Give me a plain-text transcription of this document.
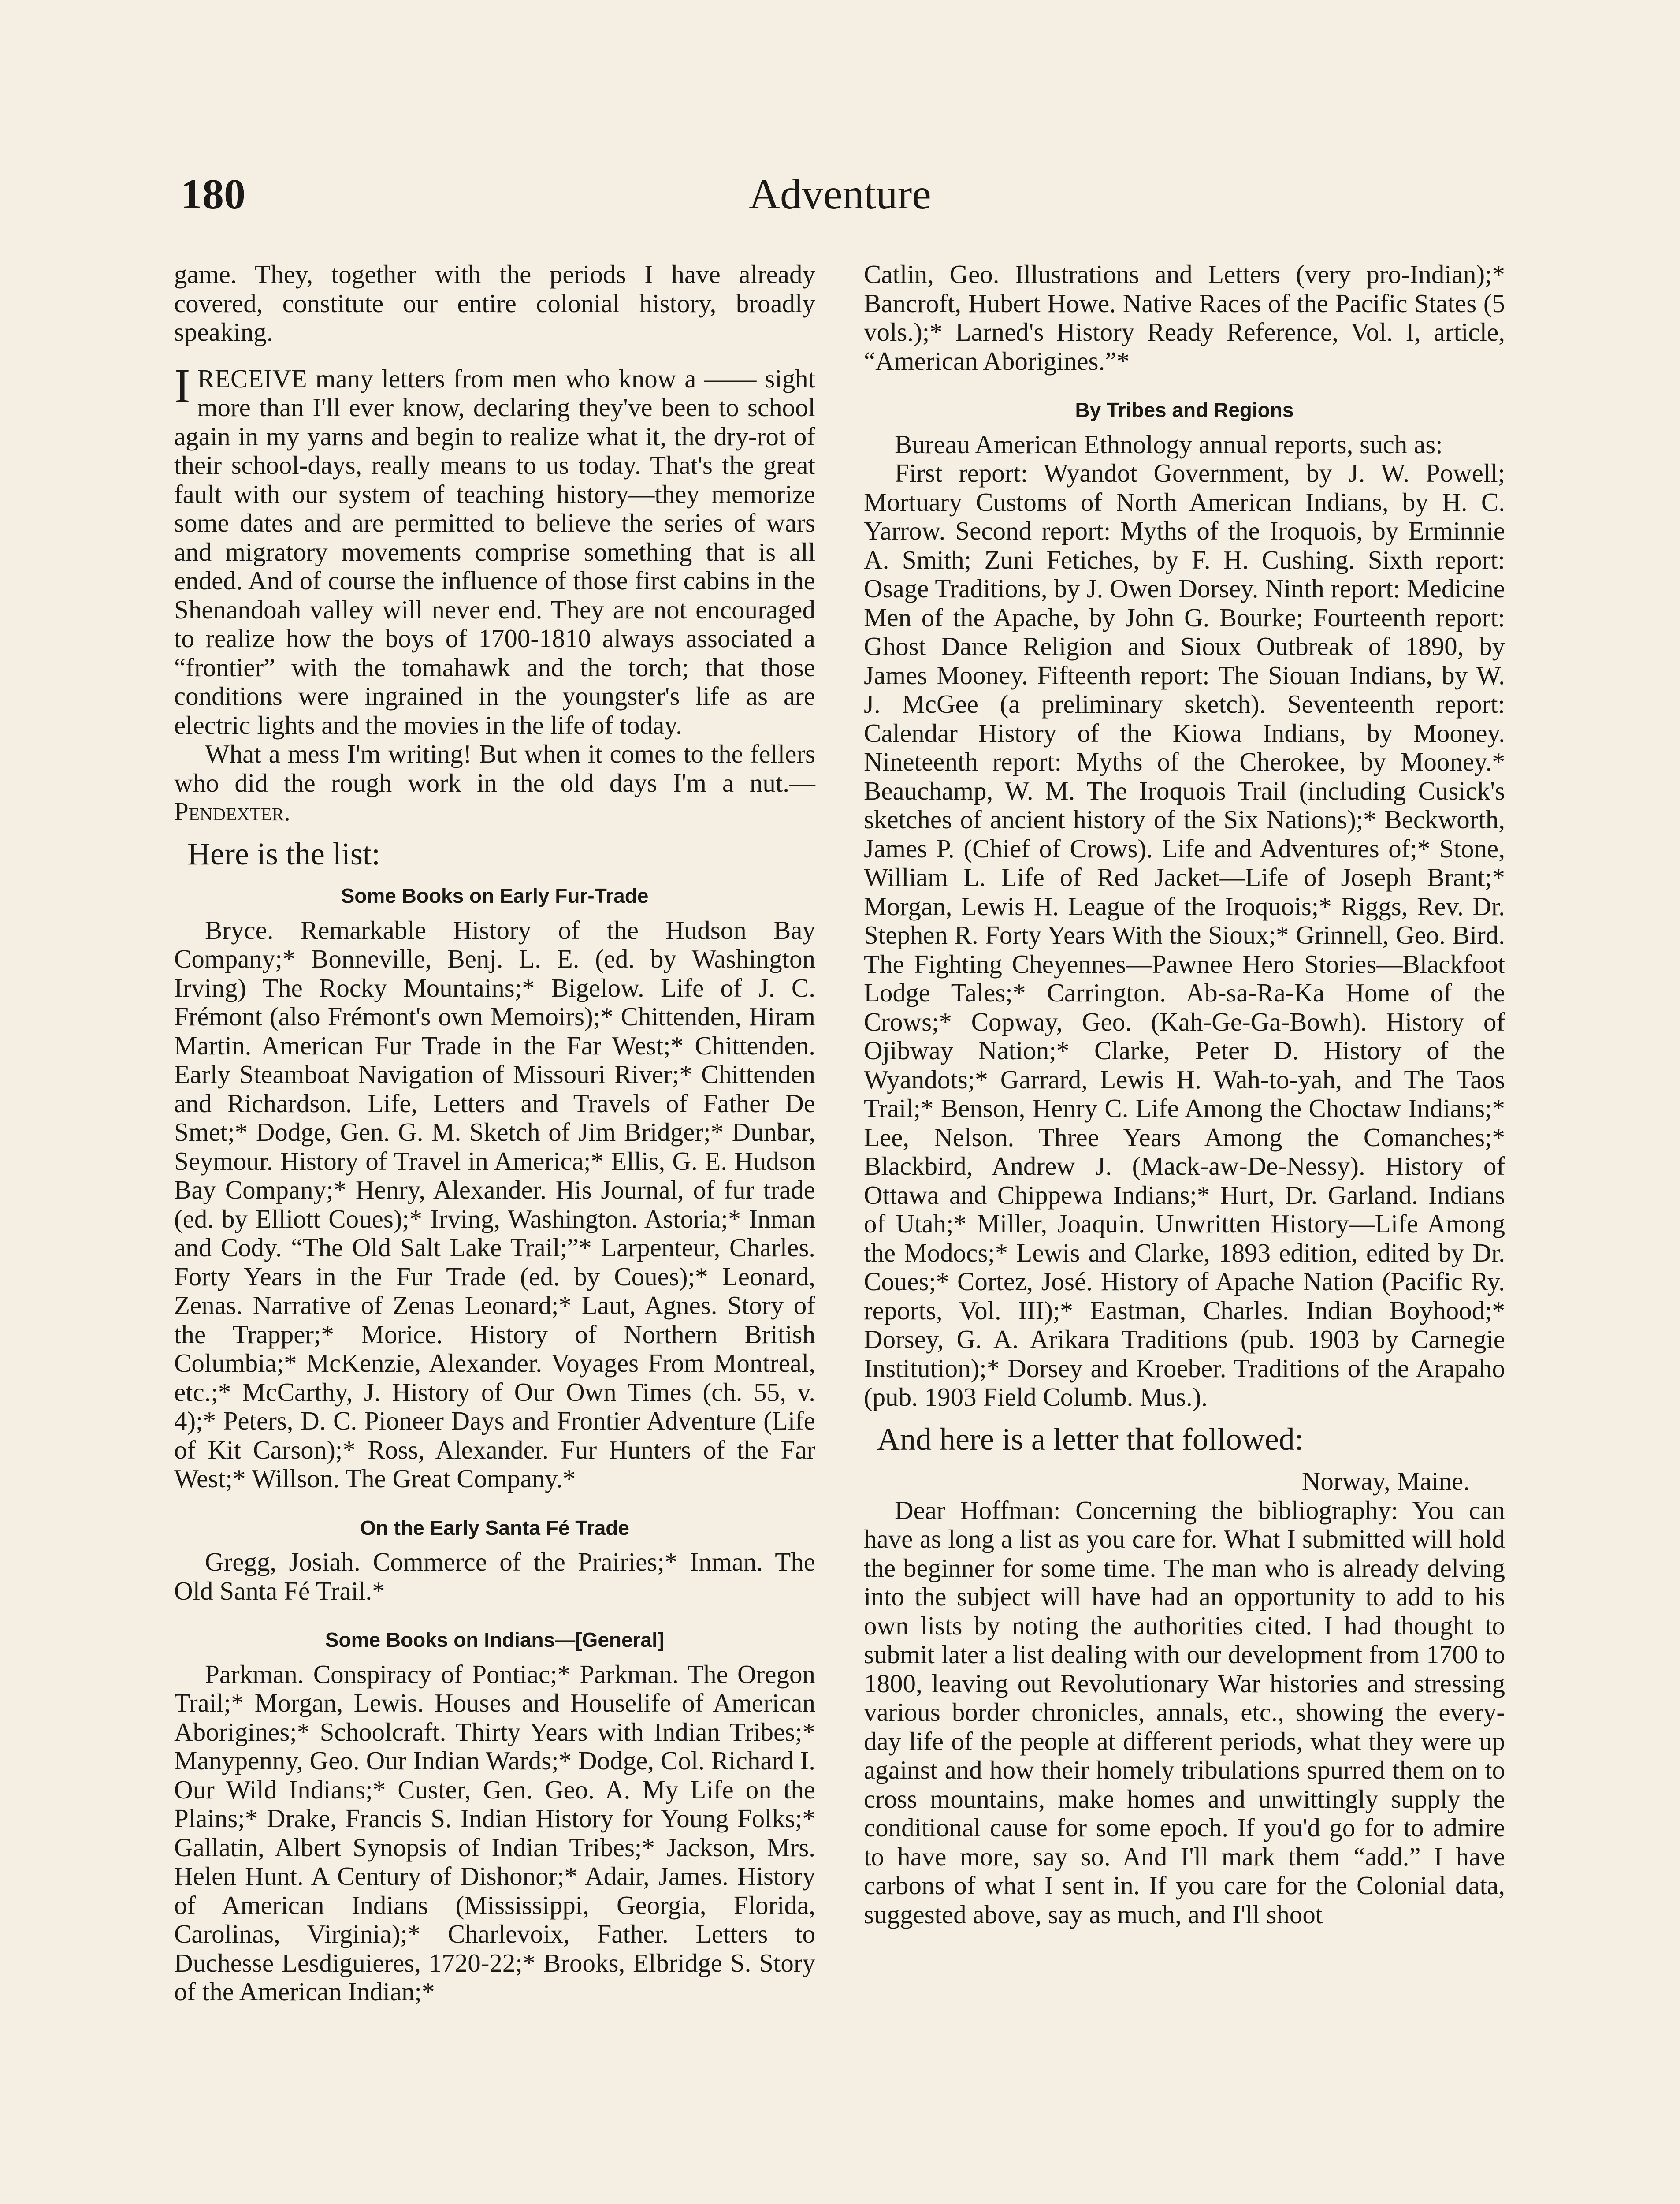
Adventure
180

game. They, together with the periods I have already covered, constitute our entire colonial history, broadly speaking.

IRECEIVE many letters from men who know a —— sight more than I'll ever know, declaring they've been to school again in my yarns and begin to realize what it, the dry-rot of their school-days, really means to us today. That's the great fault with our system of teaching history—they memorize some dates and are permitted to believe the series of wars and migratory movements comprise something that is all ended. And of course the influence of those first cabins in the Shenandoah valley will never end. They are not encouraged to realize how the boys of 1700-1810 always associated a “frontier” with the tomahawk and the torch; that those conditions were ingrained in the youngster's life as are electric lights and the movies in the life of today.

What a mess I'm writing! But when it comes to the fellers who did the rough work in the old days I'm a nut.—Pendexter.

Here is the list:
Some Books on Early Fur-Trade

Bryce. Remarkable History of the Hudson Bay Company;* Bonneville, Benj. L. E. (ed. by Washington Irving) The Rocky Mountains;* Bigelow. Life of J. C. Frémont (also Frémont's own Memoirs);* Chittenden, Hiram Martin. American Fur Trade in the Far West;* Chittenden. Early Steamboat Navigation of Missouri River;* Chittenden and Richardson. Life, Letters and Travels of Father De Smet;* Dodge, Gen. G. M. Sketch of Jim Bridger;* Dunbar, Seymour. History of Travel in America;* Ellis, G. E. Hudson Bay Company;* Henry, Alexander. His Journal, of fur trade (ed. by Elliott Coues);* Irving, Washington. Astoria;* Inman and Cody. “The Old Salt Lake Trail;”* Larpenteur, Charles. Forty Years in the Fur Trade (ed. by Coues);* Leonard, Zenas. Narrative of Zenas Leonard;* Laut, Agnes. Story of the Trapper;* Morice. History of Northern British Columbia;* McKenzie, Alexander. Voyages From Montreal, etc.;* McCarthy, J. History of Our Own Times (ch. 55, v. 4);* Peters, D. C. Pioneer Days and Frontier Adventure (Life of Kit Carson);* Ross, Alexander. Fur Hunters of the Far West;* Willson. The Great Company.*

On the Early Santa Fé Trade

Gregg, Josiah. Commerce of the Prairies;* Inman. The Old Santa Fé Trail.*

Some Books on Indians—[General]

Parkman. Conspiracy of Pontiac;* Parkman. The Oregon Trail;* Morgan, Lewis. Houses and Houselife of American Aborigines;* Schoolcraft. Thirty Years with Indian Tribes;* Manypenny, Geo. Our Indian Wards;* Dodge, Col. Richard I. Our Wild Indians;* Custer, Gen. Geo. A. My Life on the Plains;* Drake, Francis S. Indian History for Young Folks;* Gallatin, Albert Synopsis of Indian Tribes;* Jackson, Mrs. Helen Hunt. A Century of Dishonor;* Adair, James. History of American Indians (Mississippi, Georgia, Florida, Carolinas, Virginia);* Charlevoix, Father. Letters to Duchesse Lesdiguieres, 1720-22;* Brooks, Elbridge S. Story of the American Indian;*

Catlin, Geo. Illustrations and Letters (very pro-Indian);* Bancroft, Hubert Howe. Native Races of the Pacific States (5 vols.);* Larned's History Ready Reference, Vol. I, article, “American Aborigines.”*

By Tribes and Regions

Bureau American Ethnology annual reports, such as:

First report: Wyandot Government, by J. W. Powell; Mortuary Customs of North American Indians, by H. C. Yarrow. Second report: Myths of the Iroquois, by Erminnie A. Smith; Zuni Fetiches, by F. H. Cushing. Sixth report: Osage Traditions, by J. Owen Dorsey. Ninth report: Medicine Men of the Apache, by John G. Bourke; Fourteenth report: Ghost Dance Religion and Sioux Outbreak of 1890, by James Mooney. Fifteenth report: The Siouan Indians, by W. J. McGee (a preliminary sketch). Seventeenth report: Calendar History of the Kiowa Indians, by Mooney. Nineteenth report: Myths of the Cherokee, by Mooney.* Beauchamp, W. M. The Iroquois Trail (including Cusick's sketches of ancient history of the Six Nations);* Beckworth, James P. (Chief of Crows). Life and Adventures of;* Stone, William L. Life of Red Jacket—Life of Joseph Brant;* Morgan, Lewis H. League of the Iroquois;* Riggs, Rev. Dr. Stephen R. Forty Years With the Sioux;* Grinnell, Geo. Bird. The Fighting Cheyennes—Pawnee Hero Stories—Blackfoot Lodge Tales;* Carrington. Ab-sa-Ra-Ka Home of the Crows;* Copway, Geo. (Kah-Ge-Ga-Bowh). History of Ojibway Nation;* Clarke, Peter D. History of the Wyandots;* Garrard, Lewis H. Wah-to-yah, and The Taos Trail;* Benson, Henry C. Life Among the Choctaw Indians;* Lee, Nelson. Three Years Among the Comanches;* Blackbird, Andrew J. (Mack-aw-De-Nessy). History of Ottawa and Chippewa Indians;* Hurt, Dr. Garland. Indians of Utah;* Miller, Joaquin. Unwritten History—Life Among the Modocs;* Lewis and Clarke, 1893 edition, edited by Dr. Coues;* Cortez, José. History of Apache Nation (Pacific Ry. reports, Vol. III);* Eastman, Charles. Indian Boyhood;* Dorsey, G. A. Arikara Traditions (pub. 1903 by Carnegie Institution);* Dorsey and Kroeber. Traditions of the Arapaho (pub. 1903 Field Columb. Mus.).

And here is a letter that followed:

Norway, Maine.

Dear Hoffman: Concerning the bibliography: You can have as long a list as you care for. What I submitted will hold the beginner for some time. The man who is already delving into the subject will have had an opportunity to add to his own lists by noting the authorities cited. I had thought to submit later a list dealing with our development from 1700 to 1800, leaving out Revolutionary War histories and stressing various border chronicles, annals, etc., showing the every-day life of the people at different periods, what they were up against and how their homely tribulations spurred them on to cross mountains, make homes and unwittingly supply the conditional cause for some epoch. If you'd go for to admire to have more, say so. And I'll mark them “add.” I have carbons of what I sent in. If you care for the Colonial data, suggested above, say as much, and I'll shoot
